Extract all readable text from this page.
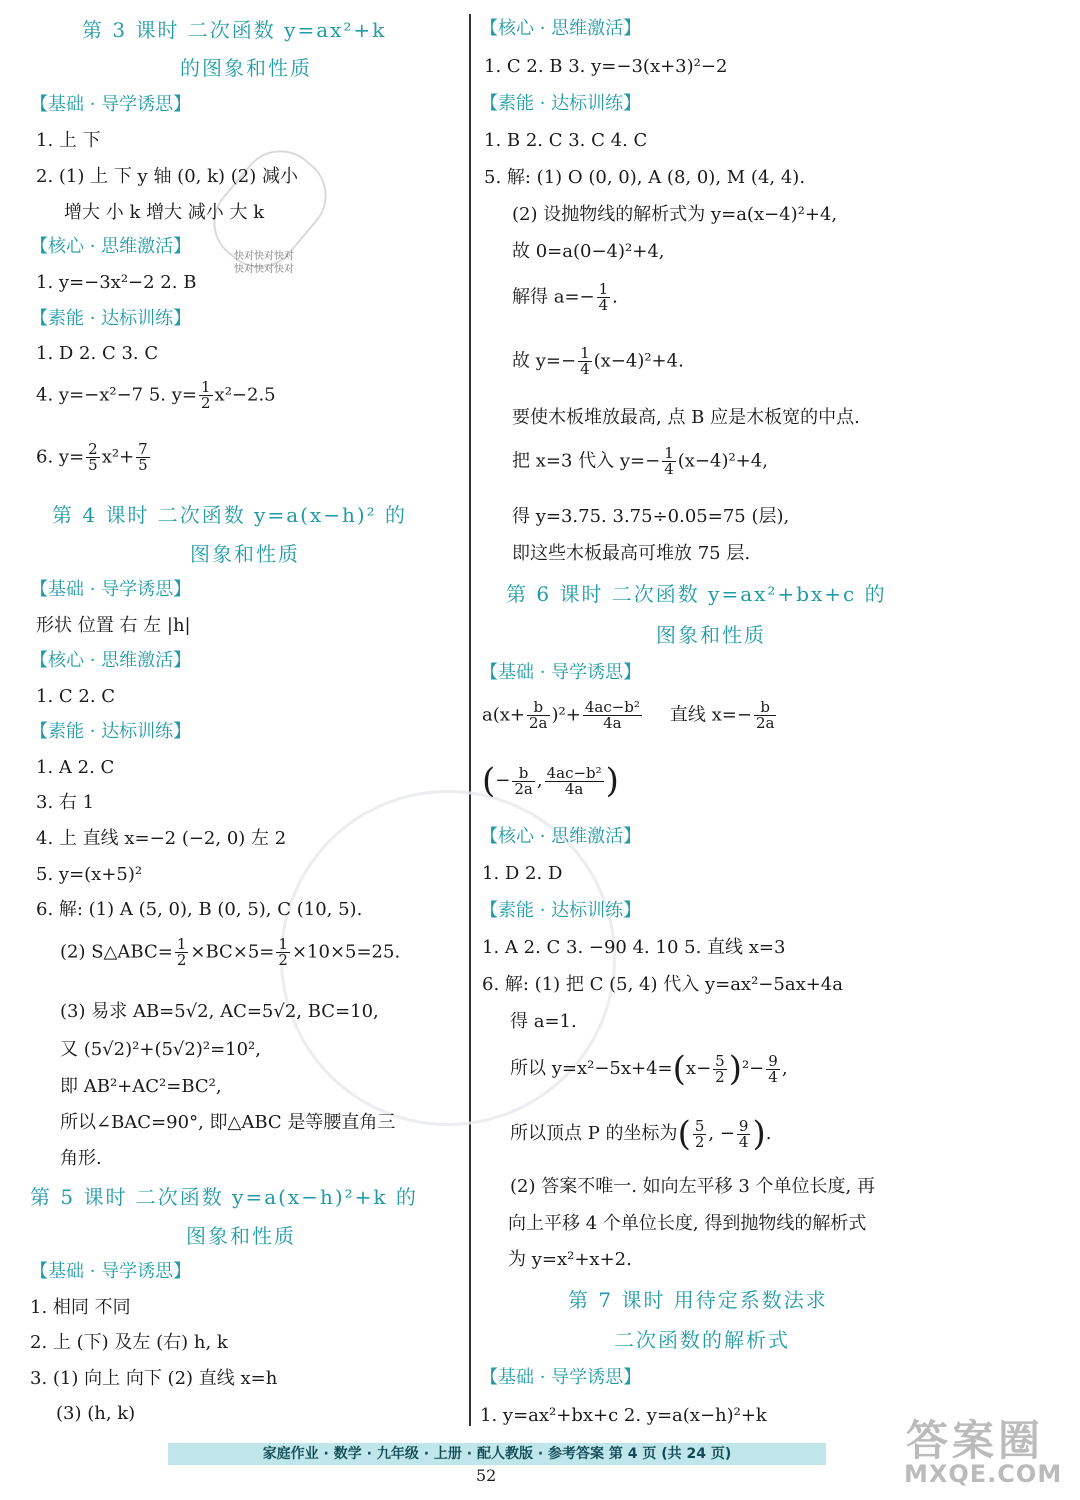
快对快对快对
快对快对快对
第 3 课时 二次函数 y=ax²+k
的图象和性质
【基础 · 导学诱思】
1. 上 下
2. (1) 上 下 y 轴 (0, k) (2) 减小
增大 小 k 增大 减小 大 k
【核心 · 思维激活】
1. y=−3x²−2 2. B
【素能 · 达标训练】
1. D 2. C 3. C
4. y=−x²−7 5. $y= \frac{1}{2} x^2-2.5$
6. $y= \frac{2}{5} x^2+ \frac{7}{5}$
第 4 课时 二次函数 y=a(x−h)² 的
图象和性质
【基础 · 导学诱思】
形状 位置 右 左 |h|
【核心 · 思维激活】
1. C 2. C
【素能 · 达标训练】
1. A 2. C
3. 右 1
4. 上 直线 x=−2 (−2, 0) 左 2
5. y=(x+5)²
6. 解: (1) A (5, 0), B (0, 5), C (10, 5).
(2) S△ABC= $\frac{1}{2} \times BC\times 5= \frac{1}{2} \times 10\times 5=25$.
(3) 易求 AB=5√2, AC=5√2, BC=10,
又 (5√2)²+(5√2)²=10²,
即 AB²+AC²=BC²,
所以∠BAC=90°, 即△ABC 是等腰直角三
角形.
第 5 课时 二次函数 y=a(x−h)²+k 的
图象和性质
【基础 · 导学诱思】
1. 相同 不同
2. 上 (下) 及左 (右) h, k
3. (1) 向上 向下 (2) 直线 x=h
(3) (h, k)
【核心 · 思维激活】
1. C 2. B 3. y=−3(x+3)²−2
【素能 · 达标训练】
1. B 2. C 3. C 4. C
5. 解: (1) O (0, 0), A (8, 0), M (4, 4).
(2) 设抛物线的解析式为 y=a(x−4)²+4,
故 0=a(0−4)²+4,
解得 $a=- \frac{1}{4}$ .
故 $y=- \frac{1}{4} (x-4)^2+4$.
要使木板堆放最高, 点 B 应是木板宽的中点.
把 x=3 代入 $y=- \frac{1}{4} (x-4)^2+4$,
得 y=3.75. 3.75÷0.05=75 (层),
即这些木板最高可堆放 75 层.
第 6 课时 二次函数 y=ax²+bx+c 的
图象和性质
【基础 · 导学诱思】
$a(x+ \frac{b}{2a} )^2+ \frac{\text{4ac−b²}}{4a}$ 直线 $x=- \frac{b}{2a}$
(− $\frac{b}{2a}$ , $\frac{\text{4ac−b²}}{4a}$ )
【核心 · 思维激活】
1. D 2. D
【素能 · 达标训练】
1. A 2. C 3. −90 4. 10 5. 直线 x=3
6. 解: (1) 把 C (5, 4) 代入 y=ax²−5ax+4a
得 a=1.
所以 $y=x^2-5x+4=(x- \frac{5}{2} )^2- \frac{9}{4}$ ,
所以顶点 P 的坐标为( $\frac{5}{2}$ , − $\frac{9}{4}$ ).
(2) 答案不唯一. 如向左平移 3 个单位长度, 再
向上平移 4 个单位长度, 得到抛物线的解析式
为 y=x²+x+2.
第 7 课时 用待定系数法求
二次函数的解析式
【基础 · 导学诱思】
1. y=ax²+bx+c 2. y=a(x−h)²+k
家庭作业 · 数学 · 九年级 · 上册 · 配人教版 · 参考答案 第 4 页 (共 24 页)
52
答案圈
MXQE.COM
